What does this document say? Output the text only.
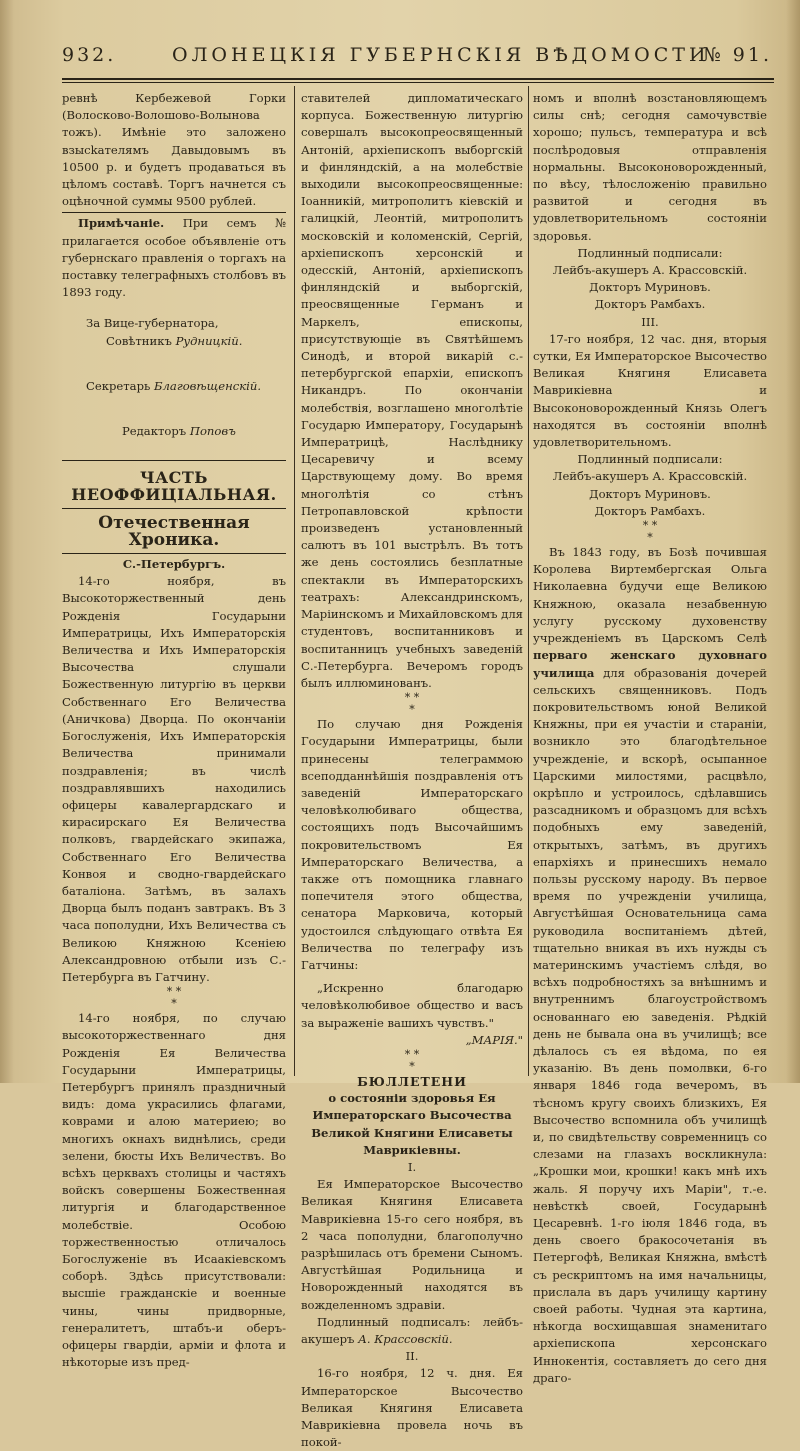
932.	ОЛОНЕЦКІЯ ГУБЕРНСКІЯ ВѢДОМОСТИ.
№ 91.

ревнѣ Кербежевой Горки (Волосково-Волошово-Волынова тожъ). Имѣніе это заложено взысkателямъ Давыдовымъ въ 10500 р. и будетъ продаваться въ цѣломъ составѣ. Торгъ начнется съ оцѣночной суммы 9500 рублей.

Примѣчаніе. При семъ № прилагается особое объявленіе отъ губернскаго правленія о торгахъ на поставку телеграфныхъ столбовъ въ 1893 году.

За Вице-губернатора,
Совѣтникъ Рудницкій.

Секретарь Благовѣщенскій.

Редакторъ Поповъ

ЧАСТЬ НЕОФФИЦІАЛЬНАЯ.
Отечественная Хроника.
С.-Петербургъ.

14-го ноября, въ Высокоторжественный день Рожденія Государыни Императрицы, Ихъ Императорскія Величества и Ихъ Императорскія Высочества слушали Божественную литургію въ церкви Собственнаго Его Величества (Аничкова) Дворца. По окончаніи Богослуженія, Ихъ Императорскія Величества принимали поздравленія; въ числѣ поздравлявшихъ находились офицеры кавалергардскаго и кирасирскаго Ея Величества полковъ, гвардейскаго экипажа, Собственнаго Его Величества Конвоя и сводно-гвардейскаго баталіона. Затѣмъ, въ залахъ Дворца былъ поданъ завтракъ. Въ 3 часа пополудни, Ихъ Величества съ Великою Княжною Ксеніею Александровною отбыли изъ С.-Петербурга въ Гатчину.

* *
*

14-го ноября, по случаю высокоторжественнаго дня Рожденія Ея Величества Государыни Императрицы, Петербургъ принялъ праздничный видъ: дома украсились флагами, коврами и алою материею; во многихъ окнахъ виднѣлись, среди зелени, бюсты Ихъ Величествъ. Во всѣхъ церквахъ столицы и частяхъ войскъ совершены Божественная литургія и благодарственное молебствіе. Особою торжественностью отличалось Богослуженіе въ Исаакіевскомъ соборѣ. Здѣсь присутствовали: высшіе гражданскіе и военные чины, чины придворные, генералитетъ, штабъ-и оберъ-офицеры гвардіи, арміи и флота и нѣкоторые изъ пред-

ставителей дипломатическаго корпуса. Божественную литургію совершалъ высокопреосвященный Антоній, архіепископъ выборгскій и финляндскій, а на молебствіе выходили высокопреосвященные: Іоанникій, митрополитъ кіевскій и галицкій, Леонтій, митрополитъ московскій и коломенскій, Сергій, архіепископъ херсонскій и одесскій, Антоній, архіепископъ финляндскій и выборгскій, преосвященные Германъ и Маркелъ, епископы, присутствующіе въ Святѣйшемъ Синодѣ, и второй викарій с.-петербургской епархіи, епископъ Никандръ. По окончаніи молебствія, возглашено многолѣтіе Государю Императору, Государынѣ Императрицѣ, Наслѣднику Цесаревичу и всему Царствующему дому. Во время многолѣтія со стѣнъ Петропавловской крѣпости произведенъ установленный салютъ въ 101 выстрѣлъ. Въ тотъ же день состоялись безплатные спектакли въ Императорскихъ театрахъ: Александринскомъ, Маріинскомъ и Михайловскомъ для студентовъ, воспитанниковъ и воспитанницъ учебныхъ заведеній С.-Петербурга. Вечеромъ городъ былъ иллюминованъ.

* *
*

По случаю дня Рожденія Государыни Императрицы, были принесены телеграммою всеподданнѣйшія поздравленія отъ заведеній Императорскаго человѣколюбиваго общества, состоящихъ подъ Высочайшимъ покровительствомъ Ея Императорскаго Величества, а также отъ помощника главнаго попечителя этого общества, сенатора Марковича, который удостоился слѣдующаго отвѣта Ея Величества по телеграфу изъ Гатчины:

„Искренно благодарю человѣколюбивое общество и васъ за выраженіе вашихъ чувствъ."

„МАРІЯ."

* *
*
БЮЛЛЕТЕНИ

о состояніи здоровья Ея Императорскаго Высочества Великой Княгини Елисаветы Маврикіевны.

I.

Ея Императорское Высочество Великая Княгиня Елисавета Маврикіевна 15-го сего ноября, въ 2 часа пополудни, благополучно разрѣшилась отъ бремени Сыномъ. Августѣйшая Родильница и Новорожденный находятся въ вожделенномъ здравіи.

Подлинный подписалъ: лейбъ-акушеръ А. Крассовскій.

II.

16-го ноября, 12 ч. дня. Ея Императорское Высочество Великая Княгиня Елисавета Маврикіевна провела ночь въ покой-

номъ и вполнѣ возстановляющемъ силы снѣ; сегодня самочувствіе хорошо; пульсъ, температура и всѣ послѣродовыя отправленія нормальны. Высоконоворожденный, по вѣсу, тѣлосложенію правильно развитой и сегодня въ удовлетворительномъ состояніи здоровья.

Подлинный подписали:

Лейбъ-акушеръ А. Крассовскій.

Докторъ Муриновъ.

Докторъ Рамбахъ.

III.

17-го ноября, 12 час. дня, вторыя сутки, Ея Императорское Высочество Великая Княгиня Елисавета Маврикіевна и Высоконоворожденный Князь Олегъ находятся въ состояніи вполнѣ удовлетворительномъ.

Подлинный подписали:

Лейбъ-акушеръ А. Крассовскій.

Докторъ Муриновъ.

Докторъ Рамбахъ.

* *
*

Въ 1843 году, въ Бозѣ почившая Королева Виртембергская Ольга Николаевна будучи еще Великою Княжною, оказала незабвенную услугу русскому духовенству учрежденіемъ въ Царскомъ Селѣ перваго женскаго духовнаго училища для образованія дочерей сельскихъ священниковъ. Подъ покровительствомъ юной Великой Княжны, при ея участіи и стараніи, возникло это благодѣтельное учрежденіе, и вскорѣ, осыпанное Царскими милостями, расцвѣло, окрѣпло и устроилось, сдѣлавшись разсадникомъ и образцомъ для всѣхъ подобныхъ ему заведеній, открытыхъ, затѣмъ, въ другихъ епархіяхъ и принесшихъ немало пользы русскому народу. Въ первое время по учрежденіи училища, Августѣйшая Основательница сама руководила воспитаніемъ дѣтей, тщательно вникая въ ихъ нужды съ материнскимъ участіемъ слѣдя, во всѣхъ подробностяхъ за внѣшнимъ и внутреннимъ благоустройствомъ основаннаго ею заведенія. Рѣдкій день не бывала она въ училищѣ; все дѣлалось съ ея вѣдома, по ея указанію. Въ день помолвки, 6-го января 1846 года вечеромъ, въ тѣсномъ кругу своихъ близкихъ, Ея Высочество вспомнила объ училищѣ и, по свидѣтельству современницъ со слезами на глазахъ воскликнула: „Крошки мои, крошки! какъ мнѣ ихъ жаль. Я поручу ихъ Маріи", т.-е. невѣсткѣ своей, Государынѣ Цесаревнѣ. 1-го іюля 1846 года, въ день своего бракосочетанія въ Петергофѣ, Великая Княжна, вмѣстѣ съ рескриптомъ на имя начальницы, прислала въ даръ училищу картину своей работы. Чудная эта картина, нѣкогда восхищавшая знаменитаго архіепископа херсонскаго Иннокентія, составляетъ до сего дня драго-
